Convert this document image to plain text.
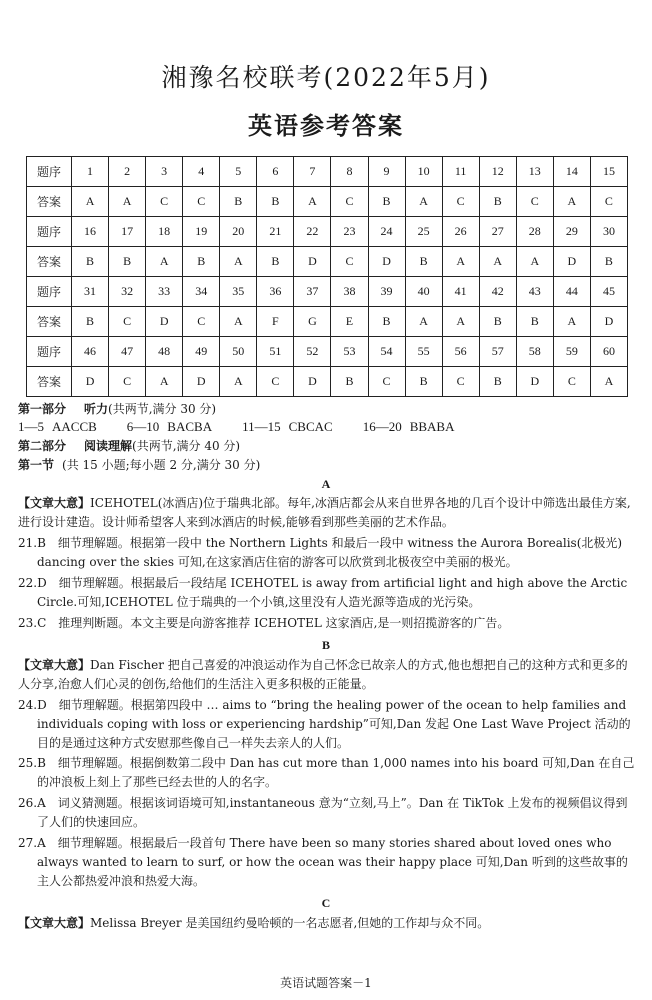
湘豫名校联考(2022年5月)
英语参考答案
题序	1	2	3	4	5	6	7	8	9	10	11	12	13	14	15
答案	A	A	C	C	B	B	A	C	B	A	C	B	C	A	C
题序	16	17	18	19	20	21	22	23	24	25	26	27	28	29	30
答案	B	B	A	B	A	B	D	C	D	B	A	A	A	D	B
题序	31	32	33	34	35	36	37	38	39	40	41	42	43	44	45
答案	B	C	D	C	A	F	G	E	B	A	A	B	B	A	D
题序	46	47	48	49	50	51	52	53	54	55	56	57	58	59	60
答案	D	C	A	D	A	C	D	B	C	B	C	B	D	C	A
第一部分 听力(共两节,满分 30 分)
1—5 AACCB 6—10 BACBA 11—15 CBCAC 16—20 BBABA
第二部分 阅读理解(共两节,满分 40 分)
第一节 (共 15 小题;每小题 2 分,满分 30 分)
A
【文章大意】ICEHOTEL(冰酒店)位于瑞典北部。每年,冰酒店都会从来自世界各地的几百个设计中筛选出最佳方案,进行设计建造。设计师希望客人来到冰酒店的时候,能够看到那些美丽的艺术作品。
21.B　细节理解题。根据第一段中 the Northern Lights 和最后一段中 witness the Aurora Borealis(北极光) dancing over the skies 可知,在这家酒店住宿的游客可以欣赏到北极夜空中美丽的极光。
22.D　细节理解题。根据最后一段结尾 ICEHOTEL is away from artificial light and high above the Arctic Circle.可知,ICEHOTEL 位于瑞典的一个小镇,这里没有人造光源等造成的光污染。
23.C　推理判断题。本文主要是向游客推荐 ICEHOTEL 这家酒店,是一则招揽游客的广告。
B
【文章大意】Dan Fischer 把自己喜爱的冲浪运动作为自己怀念已故亲人的方式,他也想把自己的这种方式和更多的人分享,治愈人们心灵的创伤,给他们的生活注入更多积极的正能量。
24.D　细节理解题。根据第四段中 … aims to “bring the healing power of the ocean to help families and individuals coping with loss or experiencing hardship”可知,Dan 发起 One Last Wave Project 活动的目的是通过这种方式安慰那些像自己一样失去亲人的人们。
25.B　细节理解题。根据倒数第二段中 Dan has cut more than 1,000 names into his board 可知,Dan 在自己的冲浪板上刻上了那些已经去世的人的名字。
26.A　词义猜测题。根据该词语境可知,instantaneous 意为“立刻,马上”。Dan 在 TikTok 上发布的视频倡议得到了人们的快速回应。
27.A　细节理解题。根据最后一段首句 There have been so many stories shared about loved ones who always wanted to learn to surf, or how the ocean was their happy place 可知,Dan 听到的这些故事的主人公都热爱冲浪和热爱大海。
C
【文章大意】Melissa Breyer 是美国纽约曼哈顿的一名志愿者,但她的工作却与众不同。
英语试题答案－1
